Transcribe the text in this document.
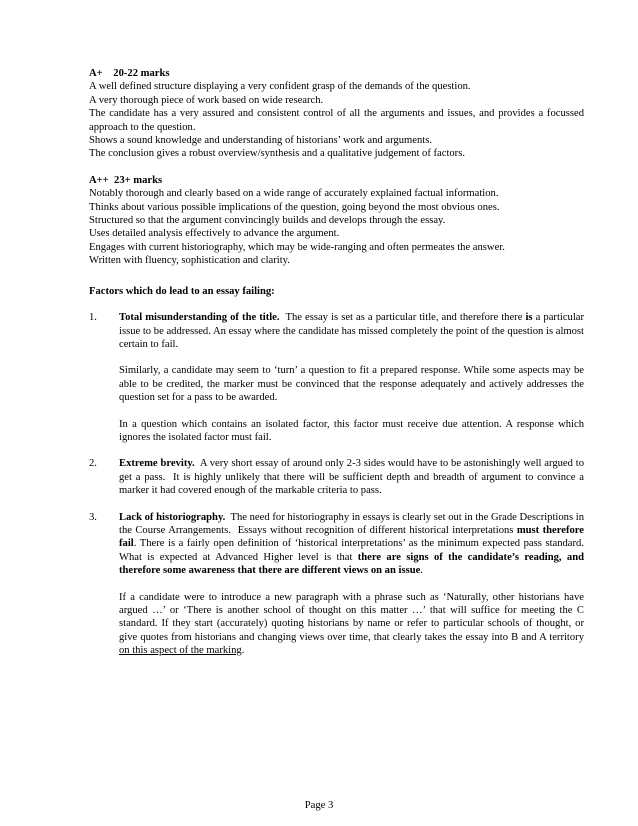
A+    20-22 marks
A well defined structure displaying a very confident grasp of the demands of the question.
A very thorough piece of work based on wide research.
The candidate has a very assured and consistent control of all the arguments and issues, and provides a focussed approach to the question.
Shows a sound knowledge and understanding of historians’ work and arguments.
The conclusion gives a robust overview/synthesis and a qualitative judgement of factors.
A++  23+ marks
Notably thorough and clearly based on a wide range of accurately explained factual information.
Thinks about various possible implications of the question, going beyond the most obvious ones.
Structured so that the argument convincingly builds and develops through the essay.
Uses detailed analysis effectively to advance the argument.
Engages with current historiography, which may be wide-ranging and often permeates the answer.
Written with fluency, sophistication and clarity.
Factors which do lead to an essay failing:
1. Total misunderstanding of the title.  The essay is set as a particular title, and therefore there is a particular issue to be addressed. An essay where the candidate has missed completely the point of the question is almost certain to fail.

Similarly, a candidate may seem to ‘turn’ a question to fit a prepared response. While some aspects may be able to be credited, the marker must be convinced that the response adequately and actively addresses the question set for a pass to be awarded.

In a question which contains an isolated factor, this factor must receive due attention. A response which ignores the isolated factor must fail.

2. Extreme brevity.  A very short essay of around only 2-3 sides would have to be astonishingly well argued to get a pass.  It is highly unlikely that there will be sufficient depth and breadth of argument to convince a marker it had covered enough of the markable criteria to pass.

3. Lack of historiography.  The need for historiography in essays is clearly set out in the Grade Descriptions in the Course Arrangements.  Essays without recognition of different historical interpretations must therefore fail. There is a fairly open definition of ‘historical interpretations’ as the minimum expected pass standard. What is expected at Advanced Higher level is that there are signs of the candidate’s reading, and therefore some awareness that there are different views on an issue.

If a candidate were to introduce a new paragraph with a phrase such as ‘Naturally, other historians have argued …’ or ‘There is another school of thought on this matter …’ that will suffice for meeting the C standard. If they start (accurately) quoting historians by name or refer to particular schools of thought, or give quotes from historians and changing views over time, that clearly takes the essay into B and A territory on this aspect of the marking.

Page 3
